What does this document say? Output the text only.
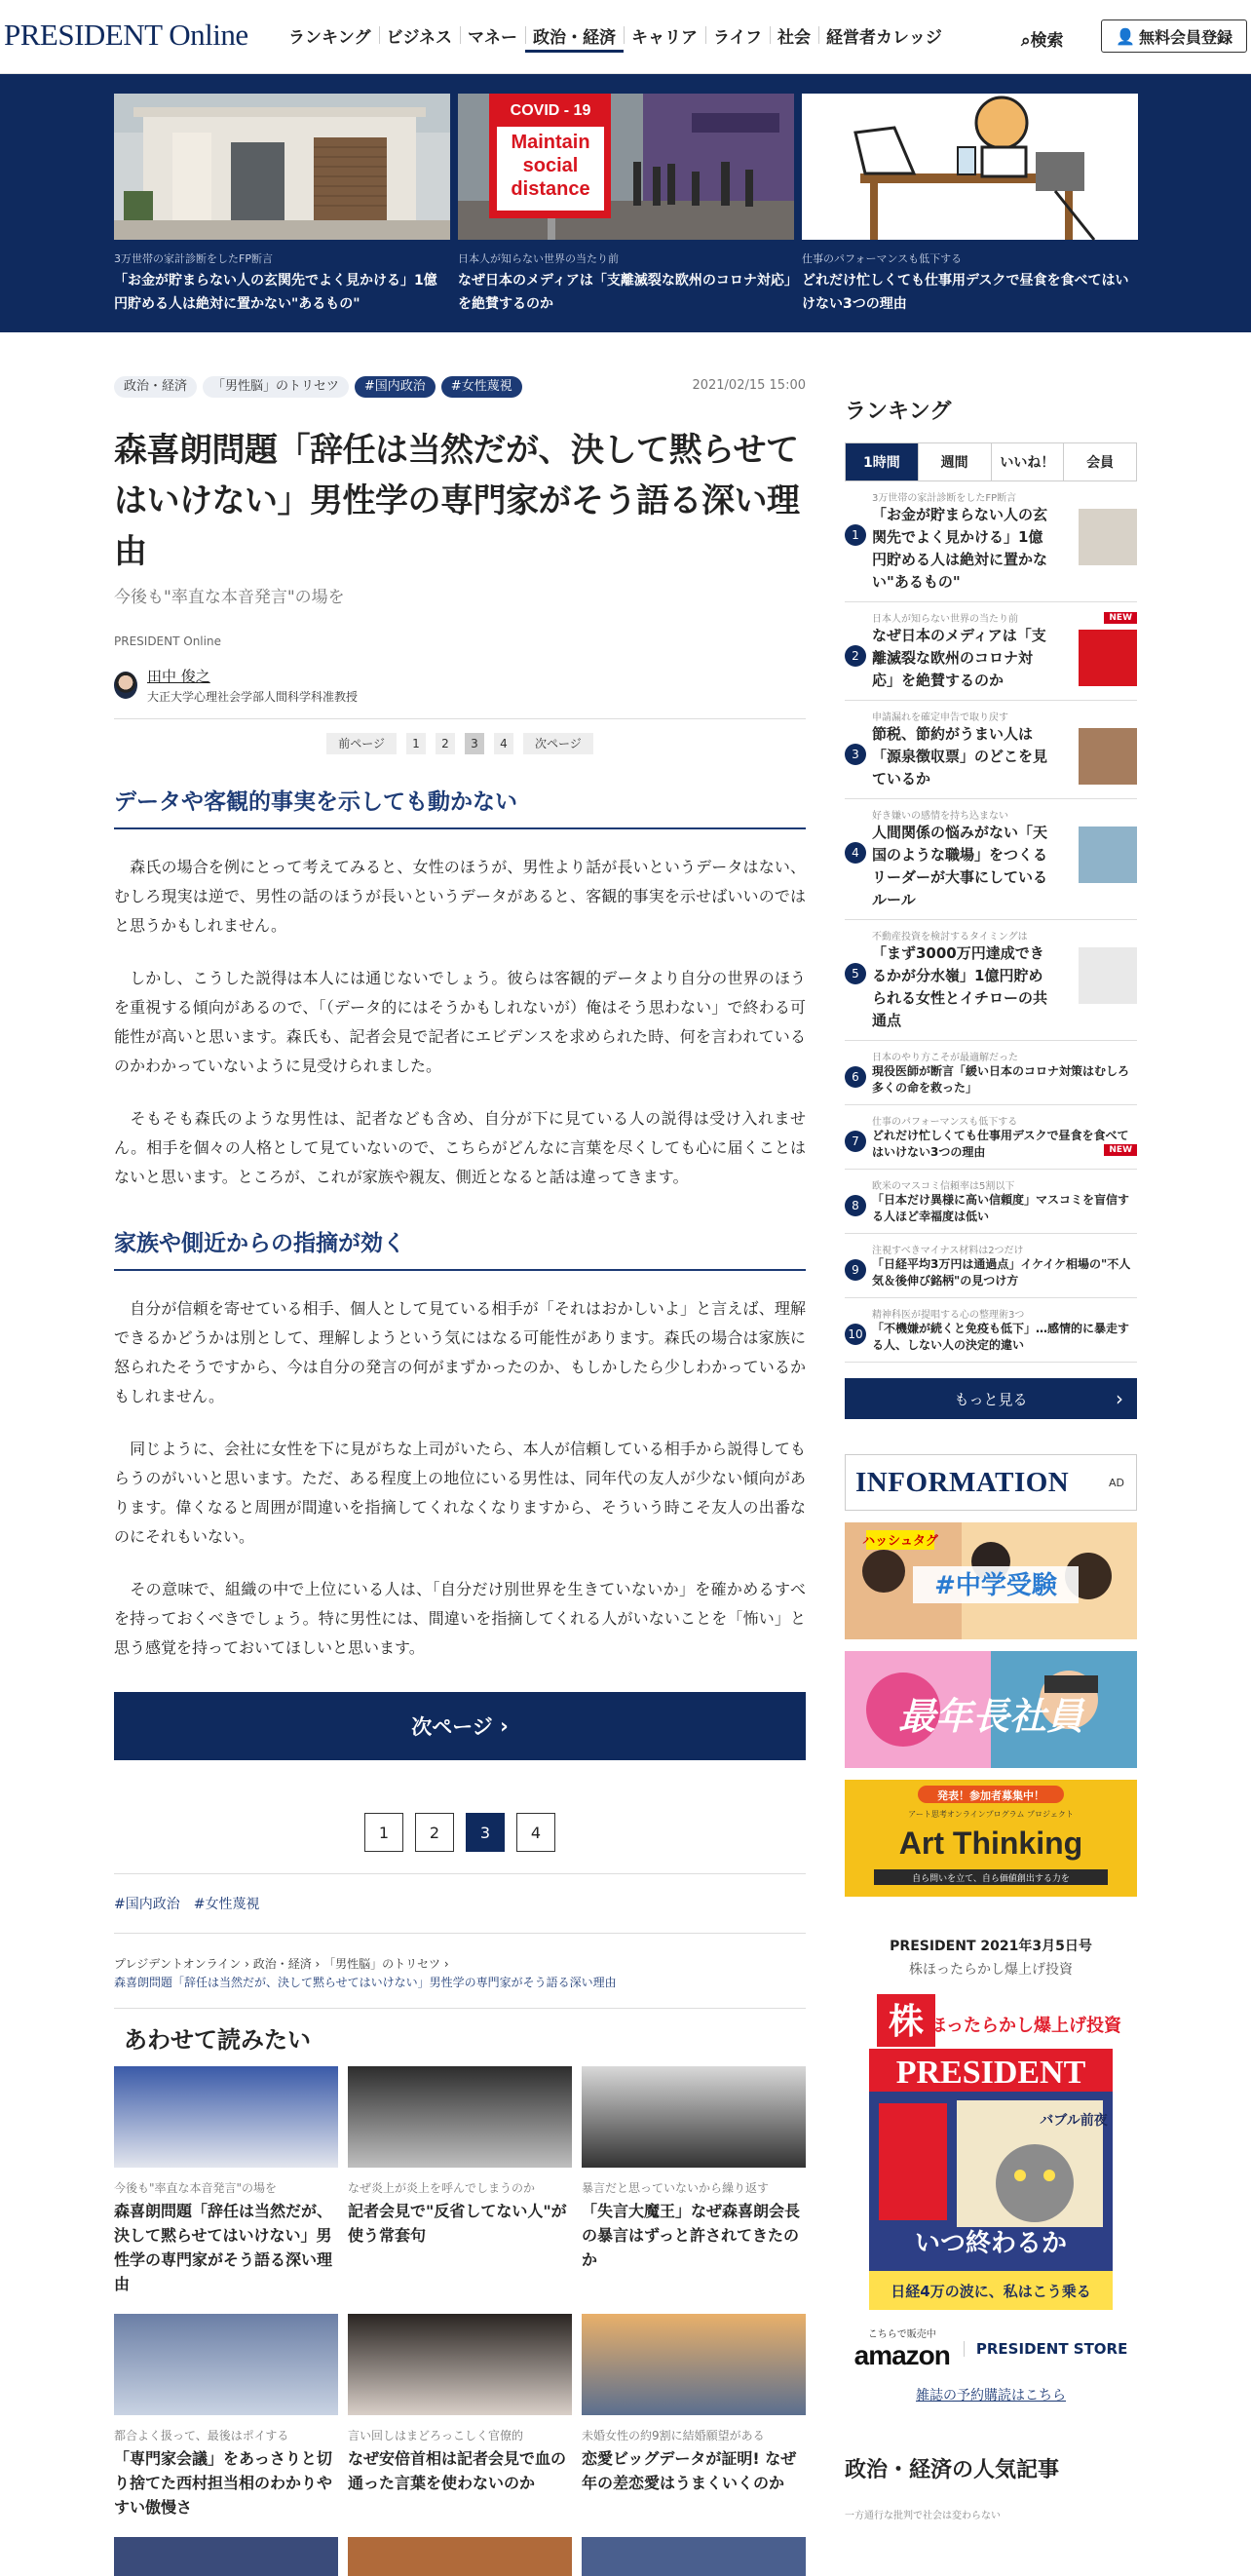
PRESIDENT Online	ランキング ビジネス マネー 政治・経済 キャリア ライフ 社会 経営者カレッジ	⌕検索	👤 無料会員登録
3万世帯の家計診断をしたFP断言
「お金が貯まらない人の玄関先でよく見かける」1億円貯める人は絶対に置かない"あるもの"
COVID - 19
Maintain
social
distance
日本人が知らない世界の当たり前
なぜ日本のメディアは「支離滅裂な欧州のコロナ対応」を絶賛するのか
仕事のパフォーマンスも低下する
どれだけ忙しくても仕事用デスクで昼食を食べてはいけない3つの理由
政治・経済 「男性脳」のトリセツ #国内政治 #女性蔑視	2021/02/15 15:00
森喜朗問題「辞任は当然だが、決して黙らせてはいけない」男性学の専門家がそう語る深い理由
今後も"率直な本音発言"の場を
PRESIDENT Online
田中 俊之
大正大学心理社会学部人間科学科准教授
前ページ	1	2	3	4	次ページ
データや客観的事実を示しても動かない

　森氏の場合を例にとって考えてみると、女性のほうが、男性より話が長いというデータはない、むしろ現実は逆で、男性の話のほうが長いというデータがあると、客観的事実を示せばいいのではと思うかもしれません。

　しかし、こうした説得は本人には通じないでしょう。彼らは客観的データより自分の世界のほうを重視する傾向があるので、「（データ的にはそうかもしれないが）俺はそう思わない」で終わる可能性が高いと思います。森氏も、記者会見で記者にエビデンスを求められた時、何を言われているのかわかっていないように見受けられました。

　そもそも森氏のような男性は、記者なども含め、自分が下に見ている人の説得は受け入れません。相手を個々の人格として見ていないので、こちらがどんなに言葉を尽くしても心に届くことはないと思います。ところが、これが家族や親友、側近となると話は違ってきます。

家族や側近からの指摘が効く

　自分が信頼を寄せている相手、個人として見ている相手が「それはおかしいよ」と言えば、理解できるかどうかは別として、理解しようという気にはなる可能性があります。森氏の場合は家族に怒られたそうですから、今は自分の発言の何がまずかったのか、もしかしたら少しわかっているかもしれません。

　同じように、会社に女性を下に見がちな上司がいたら、本人が信頼している相手から説得してもらうのがいいと思います。ただ、ある程度上の地位にいる男性は、同年代の友人が少ない傾向があります。偉くなると周囲が間違いを指摘してくれなくなりますから、そういう時こそ友人の出番なのにそれもいない。

　その意味で、組織の中で上位にいる人は、「自分だけ別世界を生きていないか」を確かめるすべを持っておくべきでしょう。特に男性には、間違いを指摘してくれる人がいないことを「怖い」と思う感覚を持っておいてほしいと思います。

次ページ ›
1	2	3	4
#国内政治 #女性蔑視
プレジデントオンライン › 政治・経済 › 「男性脳」のトリセツ ›
森喜朗問題「辞任は当然だが、決して黙らせてはいけない」男性学の専門家がそう語る深い理由
あわせて読みたい
今後も"率直な本音発言"の場を
森喜朗問題「辞任は当然だが、決して黙らせてはいけない」男性学の専門家がそう語る深い理由
なぜ炎上が炎上を呼んでしまうのか
記者会見で"反省してない人"が使う常套句
暴言だと思っていないから繰り返す
「失言大魔王」なぜ森喜朗会長の暴言はずっと許されてきたのか
都合よく扱って、最後はポイする
「専門家会議」をあっさりと切り捨てた西村担当相のわかりやすい傲慢さ
言い回しはまどろっこしく官僚的
なぜ安倍首相は記者会見で血の通った言葉を使わないのか
未婚女性の約9割に結婚願望がある
恋愛ビッグデータが証明! なぜ年の差恋愛はうまくいくのか
ランキング
1時間	週間	いいね！	会員
3万世帯の家計診断をしたFP断言
1
「お金が貯まらない人の玄関先でよく見かける」1億円貯める人は絶対に置かない"あるもの"
日本人が知らない世界の当たり前
2
なぜ日本のメディアは「支離滅裂な欧州のコロナ対応」を絶賛するのか
NEW
申請漏れを確定申告で取り戻す
3
節税、節約がうまい人は「源泉徴収票」のどこを見ているか
好き嫌いの感情を持ち込まない
4
人間関係の悩みがない「天国のような職場」をつくるリーダーが大事にしているルール
不動産投資を検討するタイミングは
5
「まず3000万円達成できるかが分水嶺」1億円貯められる女性とイチローの共通点
日本のやり方こそが最適解だった
6	現役医師が断言「緩い日本のコロナ対策はむしろ多くの命を救った」
仕事のパフォーマンスも低下する
7	どれだけ忙しくても仕事用デスクで昼食を食べてはいけない3つの理由	NEW
欧米のマスコミ信頼率は5割以下
8	「日本だけ異様に高い信頼度」マスコミを盲信する人ほど幸福度は低い
注視すべきマイナス材料は2つだけ
9	「日経平均3万円は通過点」イケイケ相場の"不人気＆後伸び銘柄"の見つけ方
精神科医が提唱する心の整理術3つ
10 「不機嫌が続くと免疫も低下」…感情的に暴走する人、しない人の決定的違い
もっと見る	›
INFORMATION	AD
ハッシュタグ
#中学受験
最年長社員
発表！参加者募集中！
アート思考オンラインプログラム プロジェクト
Art Thinking
自ら問いを立て、自ら価値創出する力を
PRESIDENT 2021年3月5日号
株ほったらかし爆上げ投資
株 ほったらかし爆上げ投資
PRESIDENT
いつ終わるか
バブル前夜
日経4万の波に、私はこう乗る
こちらで販売中
amazon	PRESIDENT STORE
雑誌の予約購読はこちら
政治・経済の人気記事
一方通行な批判で社会は変わらない
